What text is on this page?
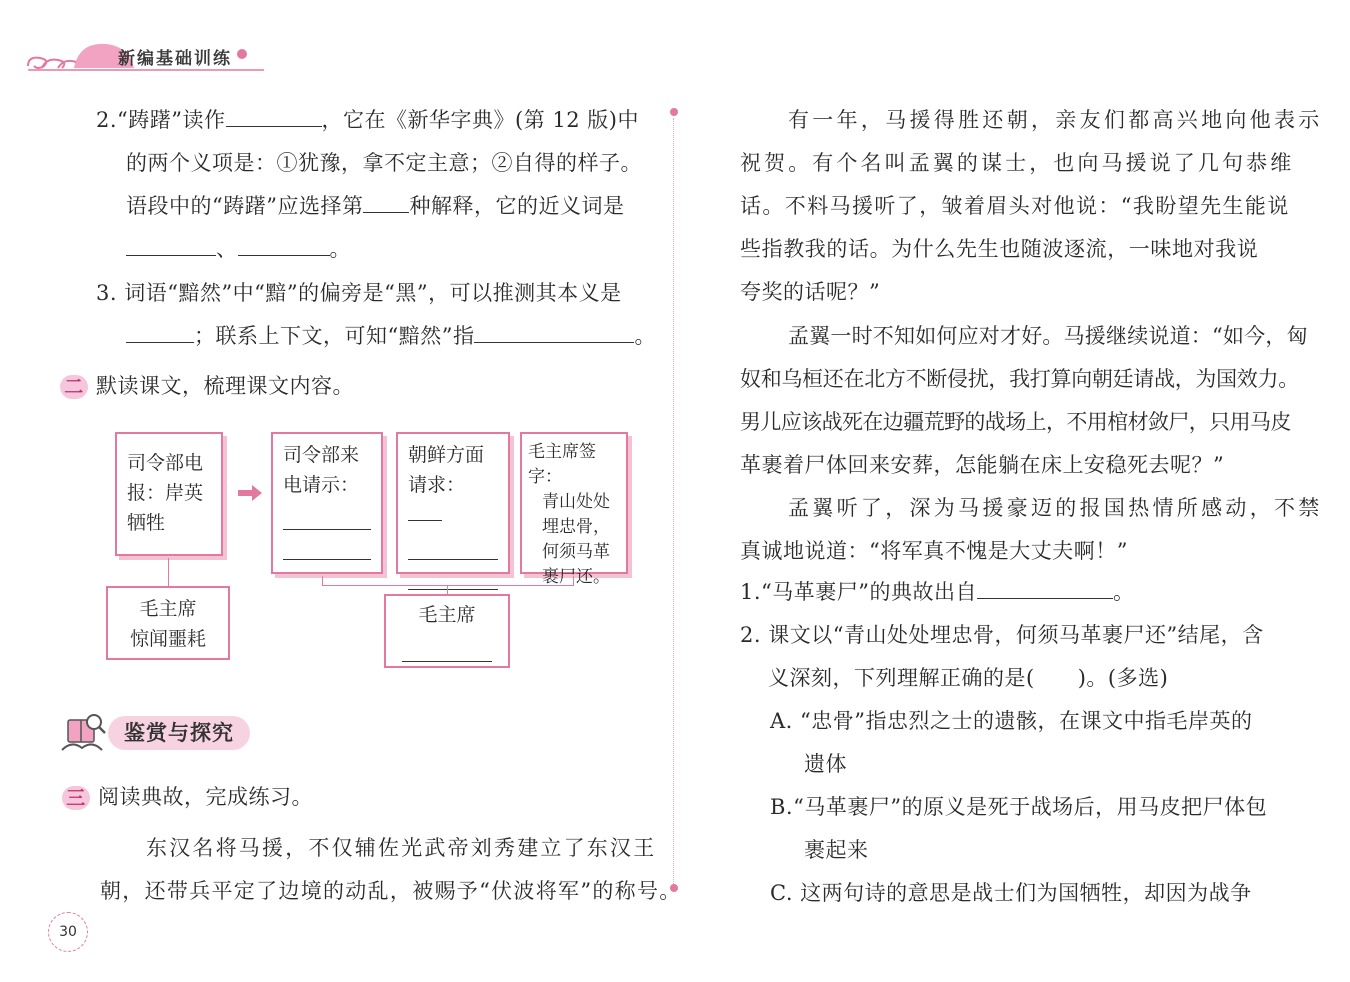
新编基础训练
2.“踌躇”读作	，它在《新华字典》(第 12 版)中
的两个义项是：①犹豫，拿不定主意；②自得的样子。
语段中的“踌躇”应选择第 种解释，它的近义词是
、	。
3. 词语“黯然”中“黯”的偏旁是“黑”，可以推测其本义是
；联系上下文，可知“黯然”指	。
二 默读课文，梳理课文内容。
司令部电
报：岸英
牺牲
司令部来
电请示：
朝鲜方面
请求：
毛主席签字：
青山处处
埋忠骨，
何须马革
裹尸还。
毛主席
惊闻噩耗
毛主席
鉴赏与探究
三 阅读典故，完成练习。
东汉名将马援，不仅辅佐光武帝刘秀建立了东汉王
朝，还带兵平定了边境的动乱，被赐予“伏波将军”的称号。
30
有一年，马援得胜还朝，亲友们都高兴地向他表示
祝贺。有个名叫孟翼的谋士，也向马援说了几句恭维
话。不料马援听了，皱着眉头对他说：“我盼望先生能说
些指教我的话。为什么先生也随波逐流，一味地对我说
夸奖的话呢？”
孟翼一时不知如何应对才好。马援继续说道：“如今，匈
奴和乌桓还在北方不断侵扰，我打算向朝廷请战，为国效力。
男儿应该战死在边疆荒野的战场上，不用棺材敛尸，只用马皮
革裹着尸体回来安葬，怎能躺在床上安稳死去呢？”
孟翼听了，深为马援豪迈的报国热情所感动，不禁
真诚地说道：“将军真不愧是大丈夫啊！”
1.“马革裹尸”的典故出自	。
2. 课文以“青山处处埋忠骨，何须马革裹尸还”结尾，含
义深刻，下列理解正确的是(　　)。(多选)
A. “忠骨”指忠烈之士的遗骸，在课文中指毛岸英的
遗体
B.“马革裹尸”的原义是死于战场后，用马皮把尸体包
裹起来
C. 这两句诗的意思是战士们为国牺牲，却因为战争
